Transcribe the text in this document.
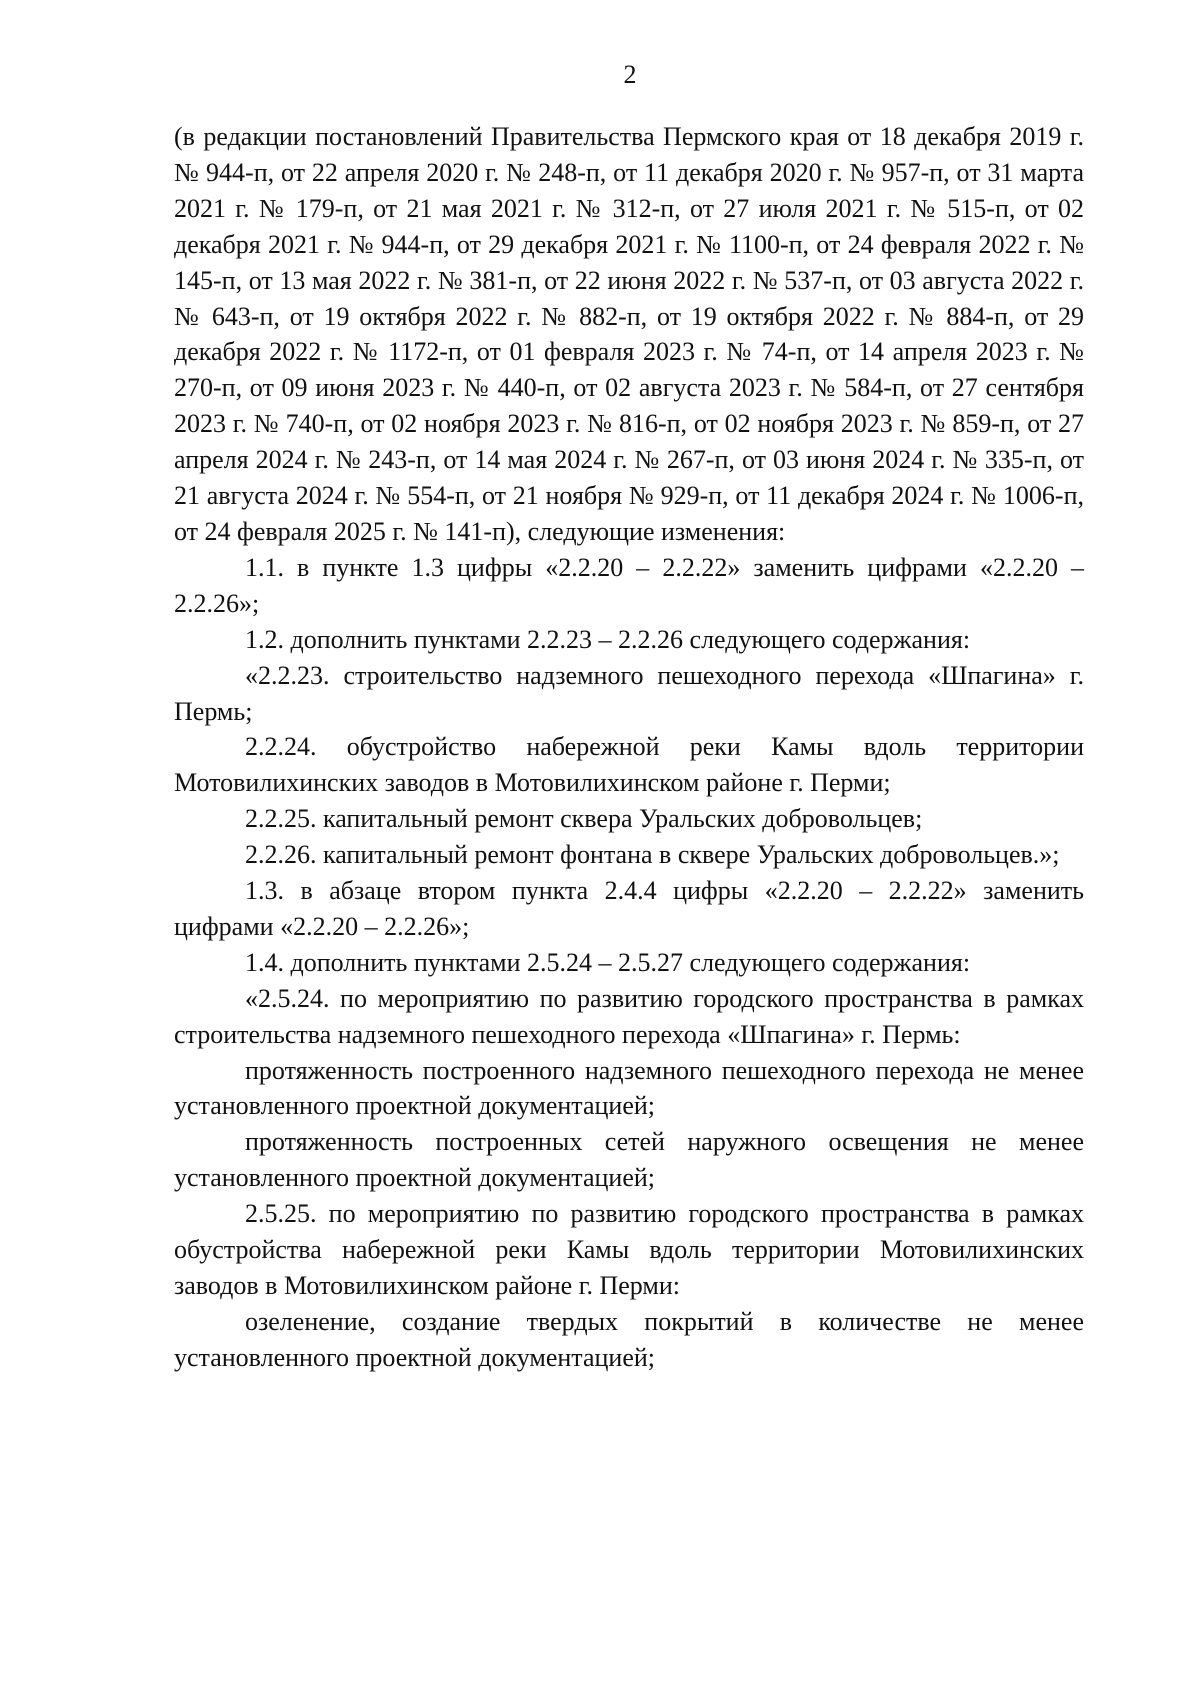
2

(в редакции постановлений Правительства Пермского края от 18 декабря 2019 г. № 944-п, от 22 апреля 2020 г. № 248-п, от 11 декабря 2020 г. № 957-п, от 31 марта 2021 г. № 179-п, от 21 мая 2021 г. № 312-п, от 27 июля 2021 г. № 515-п, от 02 декабря 2021 г. № 944-п, от 29 декабря 2021 г. № 1100-п, от 24 февраля 2022 г. № 145-п, от 13 мая 2022 г. № 381-п, от 22 июня 2022 г. № 537-п, от 03 августа 2022 г. № 643-п, от 19 октября 2022 г. № 882-п, от 19 октября 2022 г. № 884-п, от 29 декабря 2022 г. № 1172-п, от 01 февраля 2023 г. № 74-п, от 14 апреля 2023 г. № 270-п, от 09 июня 2023 г. № 440-п, от 02 августа 2023 г. № 584-п, от 27 сентября 2023 г. № 740-п, от 02 ноября 2023 г. № 816-п, от 02 ноября 2023 г. № 859-п, от 27 апреля 2024 г. № 243-п, от 14 мая 2024 г. № 267-п, от 03 июня 2024 г. № 335-п, от 21 августа 2024 г. № 554-п, от 21 ноября № 929-п, от 11 декабря 2024 г. № 1006-п, от 24 февраля 2025 г. № 141-п), следующие изменения:

1.1. в пункте 1.3 цифры «2.2.20 – 2.2.22» заменить цифрами «2.2.20 – 2.2.26»;

1.2. дополнить пунктами 2.2.23 – 2.2.26 следующего содержания:

«2.2.23. строительство надземного пешеходного перехода «Шпагина» г. Пермь;

2.2.24. обустройство набережной реки Камы вдоль территории Мотовилихинских заводов в Мотовилихинском районе г. Перми;

2.2.25. капитальный ремонт сквера Уральских добровольцев;

2.2.26. капитальный ремонт фонтана в сквере Уральских добровольцев.»;

1.3. в абзаце втором пункта 2.4.4 цифры «2.2.20 – 2.2.22» заменить цифрами «2.2.20 – 2.2.26»;

1.4. дополнить пунктами 2.5.24 – 2.5.27 следующего содержания:

«2.5.24. по мероприятию по развитию городского пространства в рамках строительства надземного пешеходного перехода «Шпагина» г. Пермь:

протяженность построенного надземного пешеходного перехода не менее установленного проектной документацией;

протяженность построенных сетей наружного освещения не менее установленного проектной документацией;

2.5.25. по мероприятию по развитию городского пространства в рамках обустройства набережной реки Камы вдоль территории Мотовилихинских заводов в Мотовилихинском районе г. Перми:

озеленение, создание твердых покрытий в количестве не менее установленного проектной документацией;
